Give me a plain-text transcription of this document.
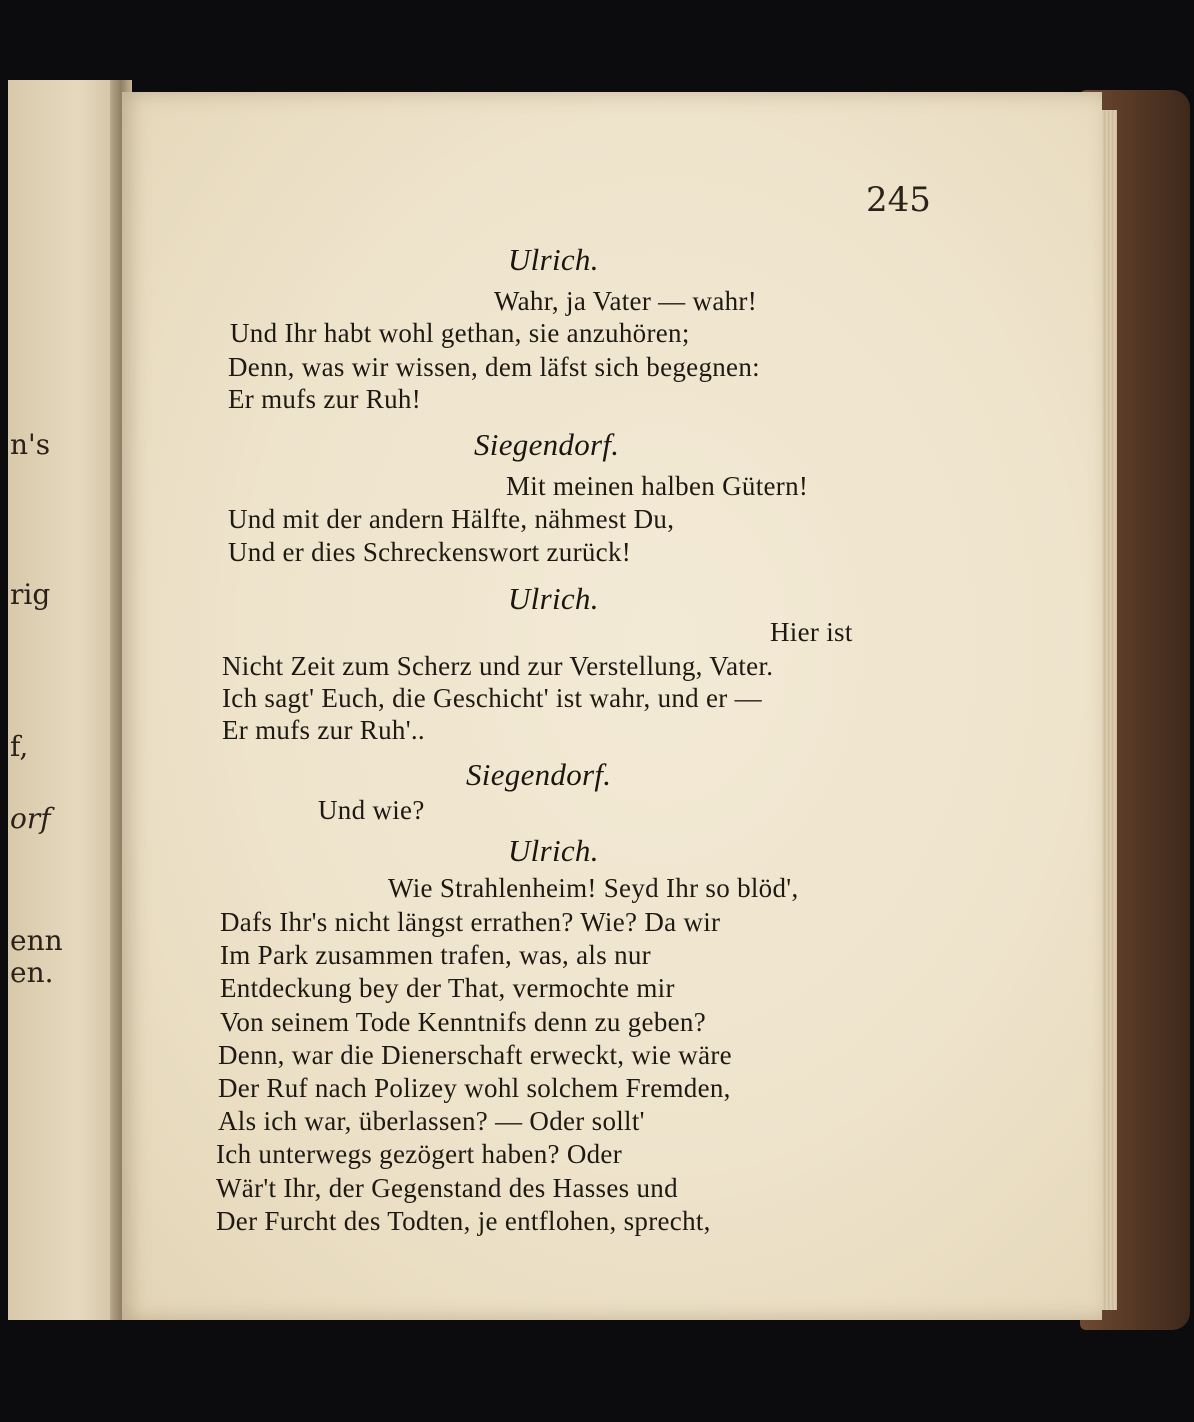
n's
rig
f,
orf
enn
en.
245
Ulrich.
Wahr, ja Vater — wahr!
Und Ihr habt wohl gethan, sie anzuhören;
Denn, was wir wissen, dem läfst sich begegnen:
Er mufs zur Ruh!
Siegendorf.
Mit meinen halben Gütern!
Und mit der andern Hälfte, nähmest Du,
Und er dies Schreckenswort zurück!
Ulrich.
Hier ist
Nicht Zeit zum Scherz und zur Verstellung, Vater.
Ich sagt' Euch, die Geschicht' ist wahr, und er —
Er mufs zur Ruh'..
Siegendorf.
Und wie?
Ulrich.
Wie Strahlenheim! Seyd Ihr so blöd',
Dafs Ihr's nicht längst errathen? Wie? Da wir
Im Park zusammen trafen, was, als nur
Entdeckung bey der That, vermochte mir
Von seinem Tode Kenntnifs denn zu geben?
Denn, war die Dienerschaft erweckt, wie wäre
Der Ruf nach Polizey wohl solchem Fremden,
Als ich war, überlassen? — Oder sollt'
Ich unterwegs gezögert haben? Oder
Wär't Ihr, der Gegenstand des Hasses und
Der Furcht des Todten, je entflohen, sprecht,
